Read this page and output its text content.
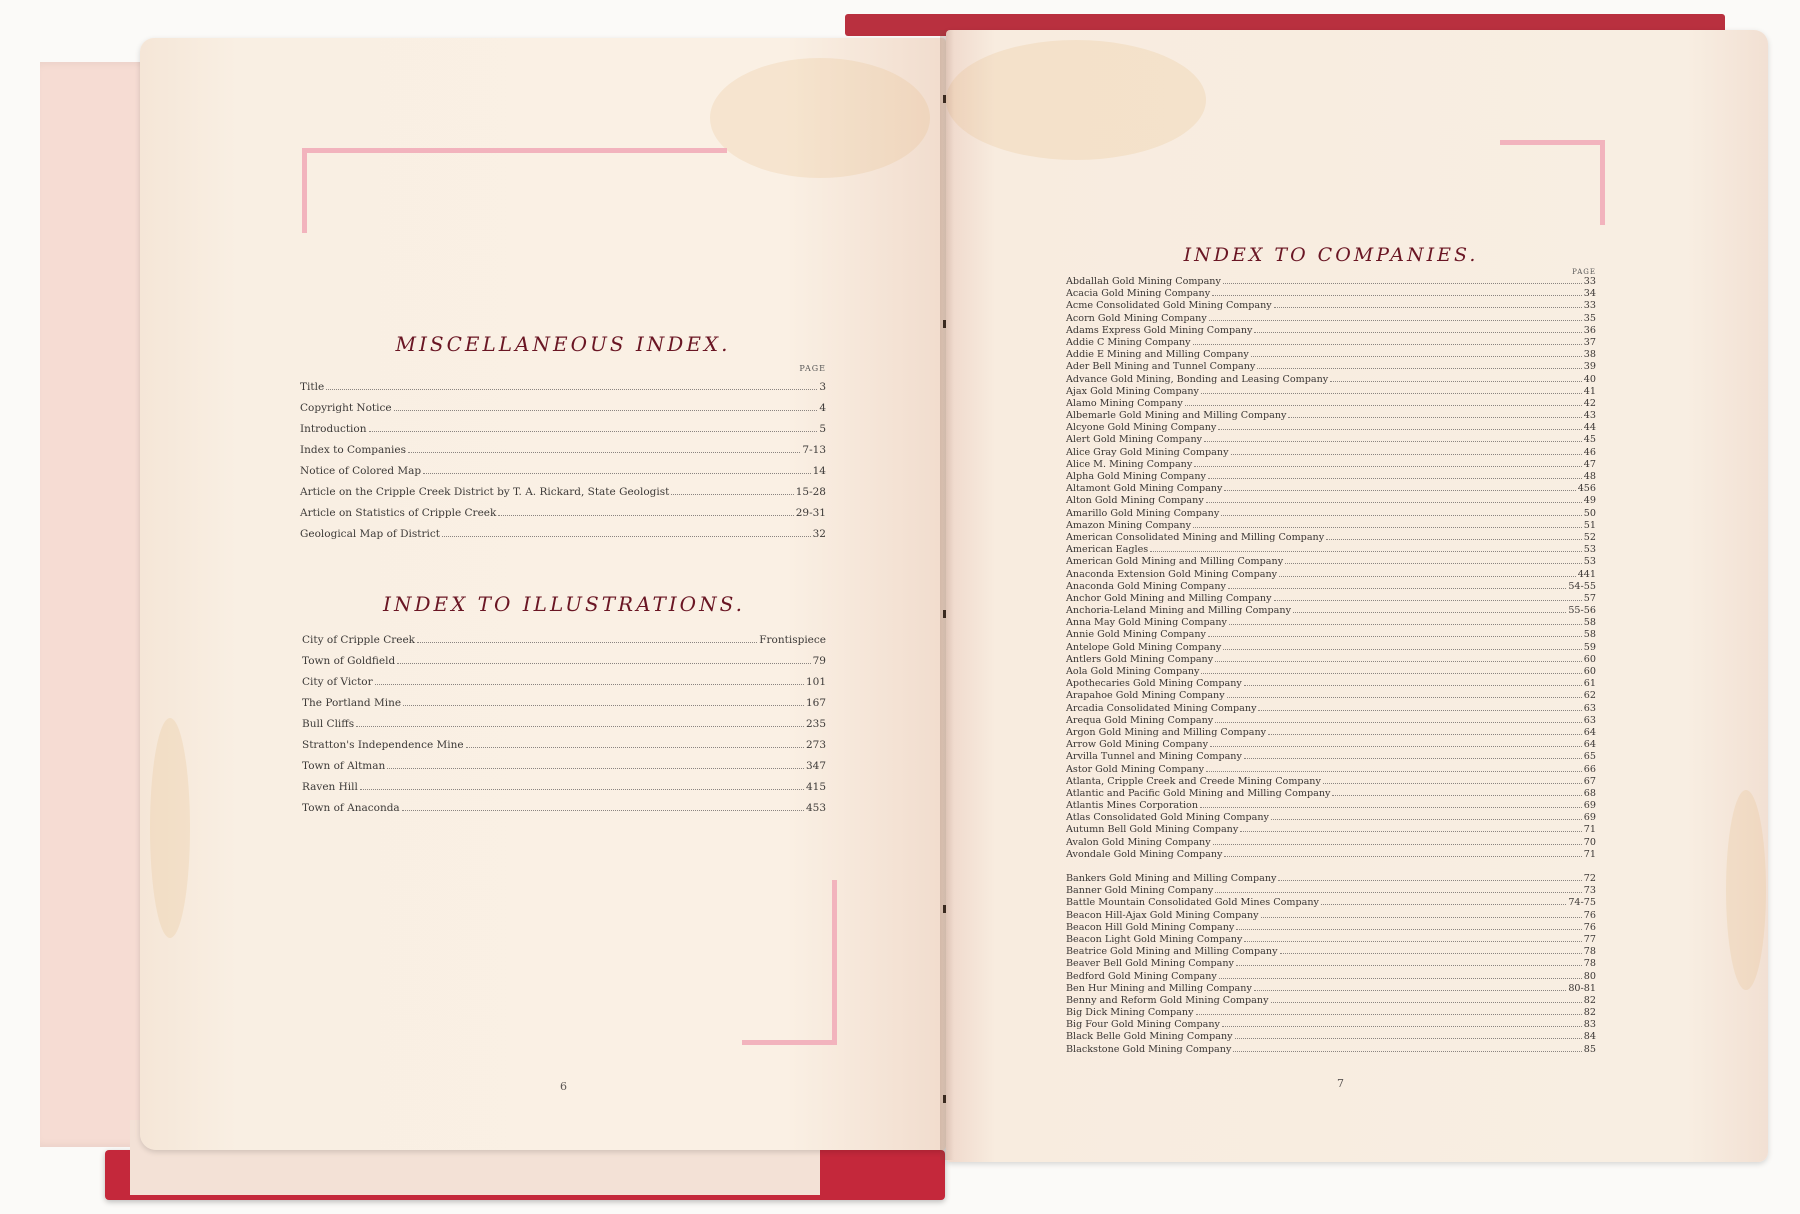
MISCELLANEOUS INDEX.
PAGE
Title	3
Copyright Notice	4
Introduction	5
Index to Companies	7-13
Notice of Colored Map	14
Article on the Cripple Creek District by T. A. Rickard, State Geologist	15-28
Article on Statistics of Cripple Creek	29-31
Geological Map of District	32
INDEX TO ILLUSTRATIONS.
City of Cripple Creek	Frontispiece
Town of Goldfield	79
City of Victor	101
The Portland Mine	167
Bull Cliffs	235
Stratton's Independence Mine	273
Town of Altman	347
Raven Hill	415
Town of Anaconda	453
6
INDEX TO COMPANIES.
PAGE
Abdallah Gold Mining Company	33
Acacia Gold Mining Company	34
Acme Consolidated Gold Mining Company	33
Acorn Gold Mining Company	35
Adams Express Gold Mining Company	36
Addie C Mining Company	37
Addie E Mining and Milling Company	38
Ader Bell Mining and Tunnel Company	39
Advance Gold Mining, Bonding and Leasing Company	40
Ajax Gold Mining Company	41
Alamo Mining Company	42
Albemarle Gold Mining and Milling Company	43
Alcyone Gold Mining Company	44
Alert Gold Mining Company	45
Alice Gray Gold Mining Company	46
Alice M. Mining Company	47
Alpha Gold Mining Company	48
Altamont Gold Mining Company	456
Alton Gold Mining Company	49
Amarillo Gold Mining Company	50
Amazon Mining Company	51
American Consolidated Mining and Milling Company	52
American Eagles	53
American Gold Mining and Milling Company	53
Anaconda Extension Gold Mining Company	441
Anaconda Gold Mining Company	54-55
Anchor Gold Mining and Milling Company	57
Anchoria-Leland Mining and Milling Company	55-56
Anna May Gold Mining Company	58
Annie Gold Mining Company	58
Antelope Gold Mining Company	59
Antlers Gold Mining Company	60
Aola Gold Mining Company	60
Apothecaries Gold Mining Company	61
Arapahoe Gold Mining Company	62
Arcadia Consolidated Mining Company	63
Arequa Gold Mining Company	63
Argon Gold Mining and Milling Company	64
Arrow Gold Mining Company	64
Arvilla Tunnel and Mining Company	65
Astor Gold Mining Company	66
Atlanta, Cripple Creek and Creede Mining Company	67
Atlantic and Pacific Gold Mining and Milling Company	68
Atlantis Mines Corporation	69
Atlas Consolidated Gold Mining Company	69
Autumn Bell Gold Mining Company	71
Avalon Gold Mining Company	70
Avondale Gold Mining Company	71
Bankers Gold Mining and Milling Company	72
Banner Gold Mining Company	73
Battle Mountain Consolidated Gold Mines Company	74-75
Beacon Hill-Ajax Gold Mining Company	76
Beacon Hill Gold Mining Company	76
Beacon Light Gold Mining Company	77
Beatrice Gold Mining and Milling Company	78
Beaver Bell Gold Mining Company	78
Bedford Gold Mining Company	80
Ben Hur Mining and Milling Company	80-81
Benny and Reform Gold Mining Company	82
Big Dick Mining Company	82
Big Four Gold Mining Company	83
Black Belle Gold Mining Company	84
Blackstone Gold Mining Company	85
7
